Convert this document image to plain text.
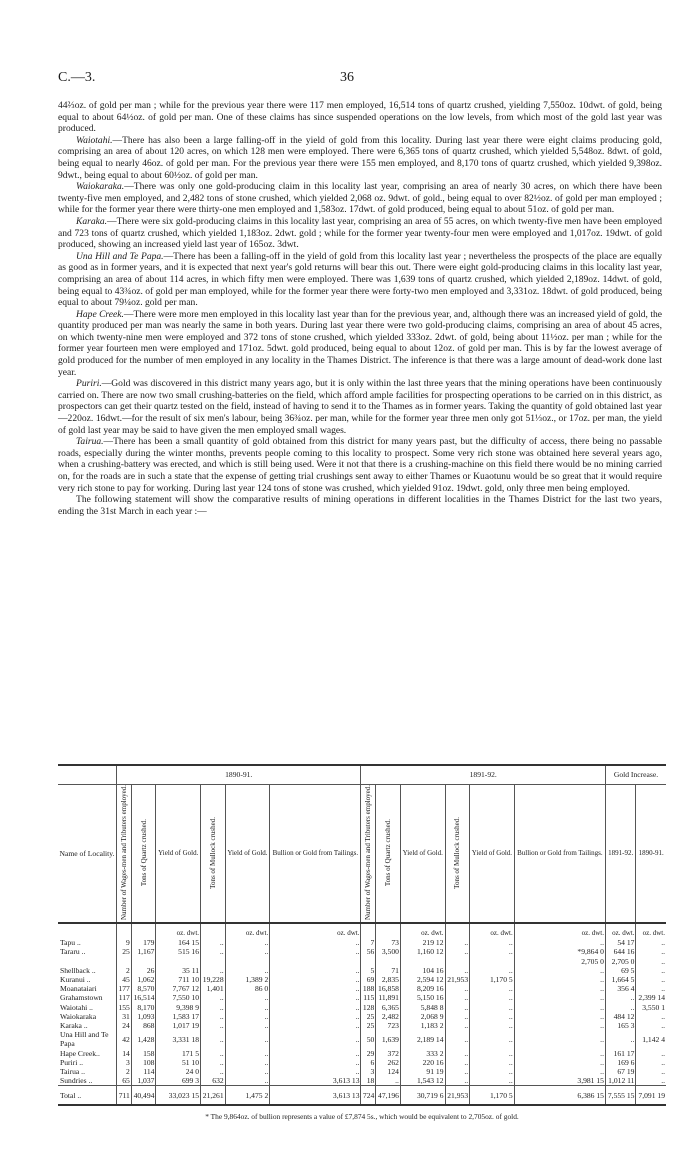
C.—3.	36

44⅔oz. of gold per man ; while for the previous year there were 117 men employed, 16,514 tons of quartz crushed, yielding 7,550oz. 10dwt. of gold, being equal to about 64½oz. of gold per man. One of these claims has since suspended operations on the low levels, from which most of the gold last year was produced.

Waiotahi.—There has also been a large falling-off in the yield of gold from this locality. During last year there were eight claims producing gold, comprising an area of about 120 acres, on which 128 men were employed. There were 6,365 tons of quartz crushed, which yielded 5,548oz. 8dwt. of gold, being equal to nearly 46oz. of gold per man. For the previous year there were 155 men employed, and 8,170 tons of quartz crushed, which yielded 9,398oz. 9dwt., being equal to about 60½oz. of gold per man.

Waiokaraka.—There was only one gold-producing claim in this locality last year, comprising an area of nearly 30 acres, on which there have been twenty-five men employed, and 2,482 tons of stone crushed, which yielded 2,068 oz. 9dwt. of gold., being equal to over 82½oz. of gold per man employed ; while for the former year there were thirty-one men employed and 1,583oz. 17dwt. of gold produced, being equal to about 51oz. of gold per man.

Karaka.—There were six gold-producing claims in this locality last year, comprising an area of 55 acres, on which twenty-five men have been employed and 723 tons of quartz crushed, which yielded 1,183oz. 2dwt. gold ; while for the former year twenty-four men were employed and 1,017oz. 19dwt. of gold produced, showing an increased yield last year of 165oz. 3dwt.

Una Hill and Te Papa.—There has been a falling-off in the yield of gold from this locality last year ; nevertheless the prospects of the place are equally as good as in former years, and it is expected that next year's gold returns will bear this out. There were eight gold-producing claims in this locality last year, comprising an area of about 114 acres, in which fifty men were employed. There was 1,639 tons of quartz crushed, which yielded 2,189oz. 14dwt. of gold, being equal to 43¾oz. of gold per man employed, while for the former year there were forty-two men employed and 3,331oz. 18dwt. of gold produced, being equal to about 79¼oz. gold per man.

Hape Creek.—There were more men employed in this locality last year than for the previous year, and, although there was an increased yield of gold, the quantity produced per man was nearly the same in both years. During last year there were two gold-producing claims, comprising an area of about 45 acres, on which twenty-nine men were employed and 372 tons of stone crushed, which yielded 333oz. 2dwt. of gold, being about 11½oz. per man ; while for the former year fourteen men were employed and 171oz. 5dwt. gold produced, being equal to about 12oz. of gold per man. This is by far the lowest average of gold produced for the number of men employed in any locality in the Thames District. The inference is that there was a large amount of dead-work done last year.

Puriri.—Gold was discovered in this district many years ago, but it is only within the last three years that the mining operations have been continuously carried on. There are now two small crushing-batteries on the field, which afford ample facilities for prospecting operations to be carried on in this district, as prospectors can get their quartz tested on the field, instead of having to send it to the Thames as in former years. Taking the quantity of gold obtained last year—220oz. 16dwt.—for the result of six men's labour, being 36¾oz. per man, while for the former year three men only got 51⅓oz., or 17oz. per man, the yield of gold last year may be said to have given the men employed small wages.

Tairua.—There has been a small quantity of gold obtained from this district for many years past, but the difficulty of access, there being no passable roads, especially during the winter months, prevents people coming to this locality to prospect. Some very rich stone was obtained here several years ago, when a crushing-battery was erected, and which is still being used. Were it not that there is a crushing-machine on this field there would be no mining carried on, for the roads are in such a state that the expense of getting trial crushings sent away to either Thames or Kuaotunu would be so great that it would require very rich stone to pay for working. During last year 124 tons of stone was crushed, which yielded 91oz. 19dwt. gold, only three men being employed.

The following statement will show the comparative results of mining operations in different localities in the Thames District for the last two years, ending the 31st March in each year :—

	1890-91.						1891-92.						Gold Increase.	
Name of Locality.	Number of Wages-men and Tributers employed.	Tons of Quartz crushed.	Yield of Gold.	Tons of Mullock crushed.	Yield of Gold.	Bullion or Gold from Tailings.	Number of Wages-men and Tributers employed.	Tons of Quartz crushed.	Yield of Gold.	Tons of Mullock crushed.	Yield of Gold.	Bullion or Gold from Tailings.	1891-92.	1890-91.
			oz. dwt.		oz. dwt.	oz. dwt.			oz. dwt.		oz. dwt.	oz. dwt.	oz. dwt.	oz. dwt.
Tapu ..	9	179	164 15	..	..	..	7	73	219 12	..	..	..	54 17	..
Tararu ..	25	1,167	515 16	..	..	..	56	3,500	1,160 12	..	..	*9,864 0	644 16	..
												2,705 0	2,705 0	..
Shellback ..	2	26	35 11	..	..	..	5	71	104 16	..	..	..	69 5	..
Kuranui ..	45	1,062	711 10	19,228	1,389 2	..	69	2,835	2,594 12	21,953	1,170 5	..	1,664 5	..
Moanataiari	177	8,570	7,767 12	1,401	86 0	..	188	16,858	8,209 16	..	..	..	356 4	..
Grahamstown	117	16,514	7,550 10	..	..	..	115	11,891	5,150 16	..	..	..	..	2,399 14
Waiotahi ..	155	8,170	9,398 9	..	..	..	128	6,365	5,848 8	..	..	..	..	3,550 1
Waiokaraka	31	1,093	1,583 17	..	..	..	25	2,482	2,068 9	..	..	..	484 12	..
Karaka ..	24	868	1,017 19	..	..	..	25	723	1,183 2	..	..	..	165 3	..
Una Hill and Te Papa	42	1,428	3,331 18	..	..	..	50	1,639	2,189 14	..	..	..	..	1,142 4
Hape Creek..	14	158	171 5	..	..	..	29	372	333 2	..	..	..	161 17	..
Puriri ..	3	108	51 10	..	..	..	6	262	220 16	..	..	..	169 6	..
Tairua ..	2	114	24 0	..	..	..	3	124	91 19	..	..	..	67 19	..
Sundries ..	65	1,037	699 3	632	..	3,613 13	18	..	1,543 12	..	..	3,981 15	1,012 11	..
Total ..	711	40,494	33,023 15	21,261	1,475 2	3,613 13	724	47,196	30,719 6	21,953	1,170 5	6,386 15	7,555 15	7,091 19
* The 9,864oz. of bullion represents a value of £7,874 5s., which would be equivalent to 2,705oz. of gold.
